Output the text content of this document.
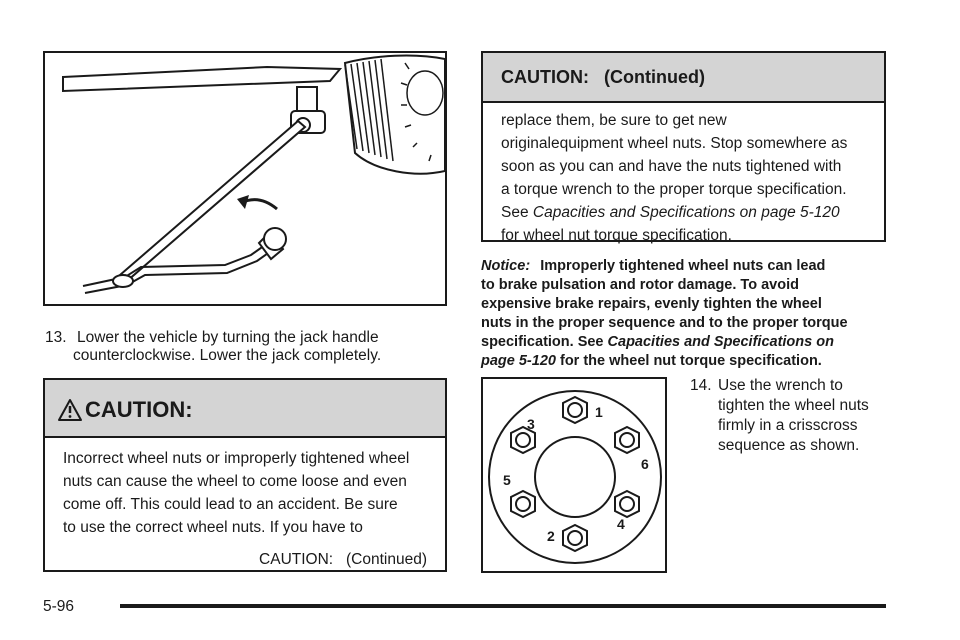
13. Lower the vehicle by turning the jack handle
counterclockwise. Lower the jack completely.
CAUTION:
Incorrect wheel nuts or improperly tightened wheel
nuts can cause the wheel to come loose and even
come off. This could lead to an accident. Be sure
to use the correct wheel nuts. If you have to
CAUTION:   (Continued)
CAUTION:   (Continued)
replace them, be sure to get new
originalequipment wheel nuts. Stop somewhere as
soon as you can and have the nuts tightened with
a torque wrench to the proper torque specification.
See Capacities and Specifications on page 5-120
for wheel nut torque specification.
Notice: Improperly tightened wheel nuts can lead
to brake pulsation and rotor damage. To avoid
expensive brake repairs, evenly tighten the wheel
nuts in the proper sequence and to the proper torque
specification. See Capacities and Specifications on
page 5-120 for the wheel nut torque specification.
1
2
3
4
5
6
14. Use the wrench to
tighten the wheel nuts
firmly in a crisscross
sequence as shown.
5-96
